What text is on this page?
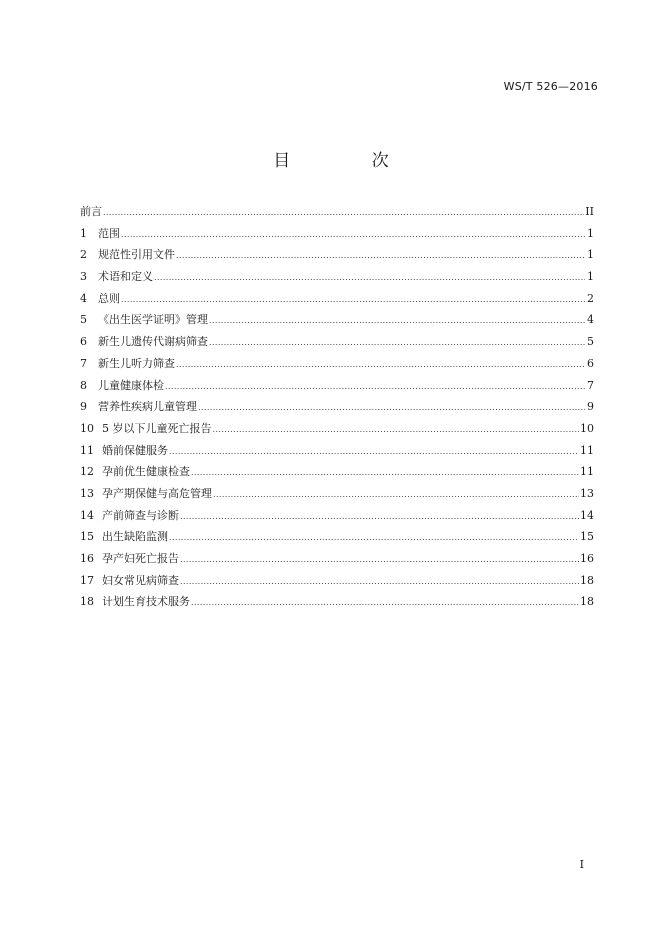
WS/T 526—2016
目 次
前言 .....	II
1	范围 .....	1
2	规范性引用文件 .....	1
3	术语和定义 .....	1
4	总则 .....	2
5	《出生医学证明》管理 .....	4
6	新生儿遗传代谢病筛查 .....	5
7	新生儿听力筛查 .....	6
8	儿童健康体检 .....	7
9	营养性疾病儿童管理 .....	9
10 5 岁以下儿童死亡报告 .....	10
11 婚前保健服务 .....	11
12 孕前优生健康检查 .....	11
13 孕产期保健与高危管理 .....	13
14 产前筛查与诊断 .....	14
15 出生缺陷监测 .....	15
16 孕产妇死亡报告 .....	16
17 妇女常见病筛查 .....	18
18 计划生育技术服务 .....	18
I
